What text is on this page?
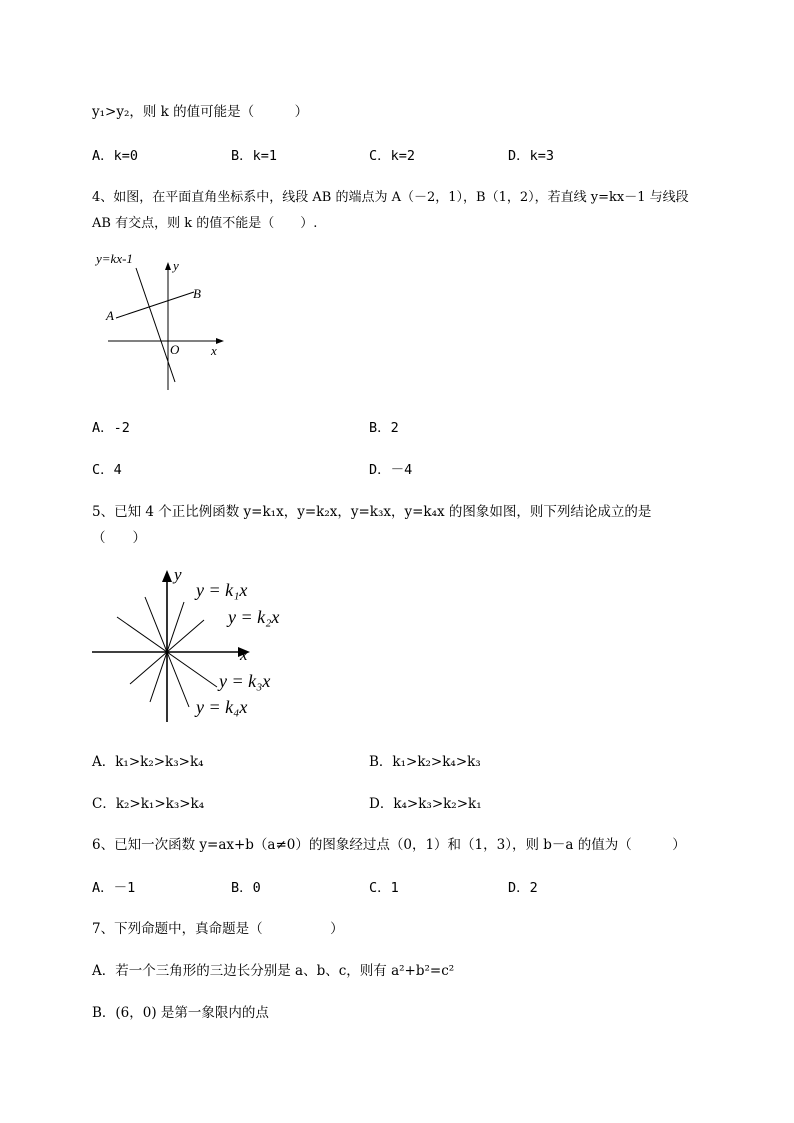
y₁>y₂，则 k 的值可能是（　　　）
A．k=0	B．k=1	C．k=2	D．k=3
4、如图，在平面直角坐标系中，线段 AB 的端点为 A（－2，1），B（1，2），若直线 y=kx－1 与线段
AB 有交点，则 k 的值不能是（　　）.
y=kx-1	y
x
A
B
O
A．-2	B．2
C．4	D．－4
5、已知 4 个正比例函数 y=k₁x，y=k₂x，y=k₃x，y=k₄x 的图象如图，则下列结论成立的是
（　　）
y
x
y = k₁x
y = k₂x
y = k₃x
y = k₄x
A．k₁>k₂>k₃>k₄	B．k₁>k₂>k₄>k₃
C．k₂>k₁>k₃>k₄	D．k₄>k₃>k₂>k₁
6、已知一次函数 y=ax+b（a≠0）的图象经过点（0，1）和（1，3），则 b－a 的值为（　　　）
A．－1	B．0	C．1	D．2
7、下列命题中，真命题是（　　　　　）
A．若一个三角形的三边长分别是 a、b、c，则有 a²+b²=c²
B．(6，0) 是第一象限内的点
